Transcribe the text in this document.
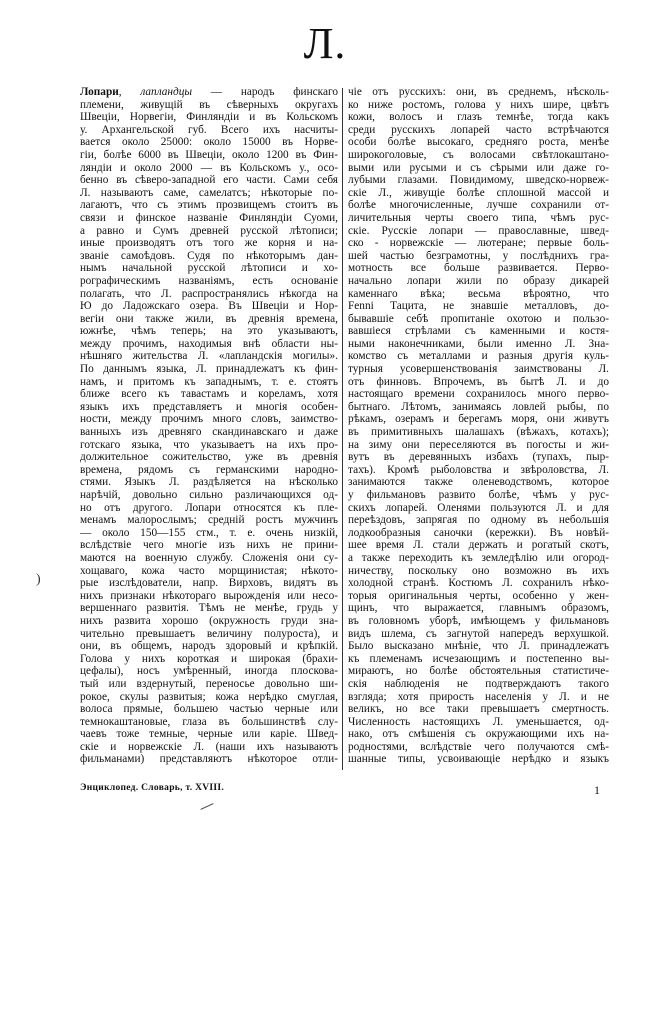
Л.
Лопари, лапландцы — народъ финскаго
племени, живущій въ сѣверныхъ округахъ
Швеціи, Норвегіи, Финляндіи и въ Кольскомъ
у. Архангельской губ. Всего ихъ насчиты-
вается около 25000: около 15000 въ Норве-
гіи, болѣе 6000 въ Швеціи, около 1200 въ Фин-
ляндіи и около 2000 — въ Кольскомъ у., осо-
бенно въ сѣверо-западной его части. Сами себя
Л. называютъ саме, самелатсъ; нѣкоторые по-
лагаютъ, что съ этимъ прозвищемъ стоитъ въ
связи и финское названіе Финляндіи Суоми,
а равно и Сумъ древней русской лѣтописи;
иные производятъ отъ того же корня и на-
званіе самоѣдовъ. Судя по нѣкоторымъ дан-
нымъ начальной русской лѣтописи и хо-
рографическимъ названіямъ, есть основаніе
полагать, что Л. распространялись нѣкогда на
Ю до Ладожскаго озера. Въ Швеціи и Нор-
вегіи они также жили, въ древнія времена,
южнѣе, чѣмъ теперь; на это указываютъ,
между прочимъ, находимыя внѣ области ны-
нѣшняго жительства Л. «лапландскія могилы».
По даннымъ языка, Л. принадлежатъ къ фин-
намъ, и притомъ къ западнымъ, т. е. стоятъ
ближе всего къ тавастамъ и кореламъ, хотя
языкъ ихъ представляетъ и многія особен-
ности, между прочимъ много словъ, заимство-
ванныхъ изъ древняго скандинавскаго и даже
готскаго языка, что указываетъ на ихъ про-
должительное сожительство, уже въ древнія
времена, рядомъ съ германскими народно-
стями. Языкъ Л. раздѣляется на нѣсколько
нарѣчій, довольно сильно различающихся од-
но отъ другого. Лопари относятся къ пле-
менамъ малорослымъ; средній ростъ мужчинъ
— около 150—155 стм., т. е. очень низкій,
вслѣдствіе чего многіе изъ нихъ не прини-
маются на военную службу. Сложенія они су-
хощаваго, кожа часто морщинистая; нѣкото-
рые изслѣдователи, напр. Вирховъ, видятъ въ
нихъ признаки нѣкотораго вырожденія или несо-
вершеннаго развитія. Тѣмъ не менѣе, грудь у
нихъ развита хорошо (окружность груди зна-
чительно превышаетъ величину полуроста), и
они, въ общемъ, народъ здоровый и крѣпкій.
Голова у нихъ короткая и широкая (брахи-
цефалы), носъ умѣренный, иногда плоскова-
тый или вздернутый, переносье довольно ши-
рокое, скулы развитыя; кожа нерѣдко смуглая,
волоса прямые, большею частью черные или
темнокаштановые, глаза въ большинствѣ слу-
чаевъ тоже темные, черные или каріе. Швед-
скіе и норвежскіе Л. (наши ихъ называютъ
фильманами) представляютъ нѣкоторое отли-
чіе отъ русскихъ: они, въ среднемъ, нѣсколь-
ко ниже ростомъ, голова у нихъ шире, цвѣтъ
кожи, волосъ и глазъ темнѣе, тогда какъ
среди русскихъ лопарей часто встрѣчаются
особи болѣе высокаго, средняго роста, менѣе
широкоголовые, съ волосами свѣтлокаштано-
выми или русыми и съ сѣрыми или даже го-
лубыми глазами. Повидимому, шведско-норвеж-
скіе Л., живущіе болѣе сплошной массой и
болѣе многочисленные, лучше сохранили от-
личительныя черты своего типа, чѣмъ рус-
скіе. Русскіе лопари — православные, швед-
ско - норвежскіе — лютеране; первые боль-
шей частью безграмотны, у послѣднихъ гра-
мотность все больше развивается. Перво-
начально лопари жили по образу дикарей
каменнаго вѣка; весьма вѣроятно, что
Fenni Тацита, не знавшіе металловъ, до-
бывавшіе себѣ пропитаніе охотою и пользо-
вавшіеся стрѣлами съ каменными и костя-
ными наконечниками, были именно Л. Зна-
комство съ металлами и разныя другія куль-
турныя усовершенствованія заимствованы Л.
отъ финновъ. Впрочемъ, въ бытѣ Л. и до
настоящаго времени сохранилось много перво-
бытнаго. Лѣтомъ, занимаясь ловлей рыбы, по
рѣкамъ, озерамъ и берегамъ моря, они живутъ
въ примитивныхъ шалашахъ (вѣжахъ, котахъ);
на зиму они переселяются въ погосты и жи-
вутъ въ деревянныхъ избахъ (тупахъ, пыр-
тахъ). Кромѣ рыболовства и звѣроловства, Л.
занимаются также оленеводствомъ, которое
у фильмановъ развито болѣе, чѣмъ у рус-
скихъ лопарей. Оленями пользуются Л. и для
переѣздовъ, запрягая по одному въ небольшія
лодкообразныя саночки (кережки). Въ новѣй-
шее время Л. стали держать и рогатый скотъ,
а также переходить къ земледѣлію или огород-
ничеству, поскольку оно возможно въ ихъ
холодной странѣ. Костюмъ Л. сохранилъ нѣко-
торыя оригинальныя черты, особенно у жен-
щинъ, что выражается, главнымъ образомъ,
въ головномъ уборѣ, имѣющемъ у фильмановъ
видъ шлема, съ загнутой напередъ верхушкой.
Было высказано мнѣніе, что Л. принадлежатъ
къ племенамъ исчезающимъ и постепенно вы-
мираютъ, но болѣе обстоятельныя статистиче-
скія наблюденія не подтверждаютъ такого
взгляда; хотя прирость населенія у Л. и не
великъ, но все таки превышаетъ смертность.
Численность настоящихъ Л. уменьшается, од-
нако, отъ смѣшенія съ окружающими ихъ на-
родностями, вслѣдствіе чего получаются смѣ-
шанные типы, усвоивающіе нерѣдко и языкъ
Энциклопед. Словарь, т. XVIII.	1
)
